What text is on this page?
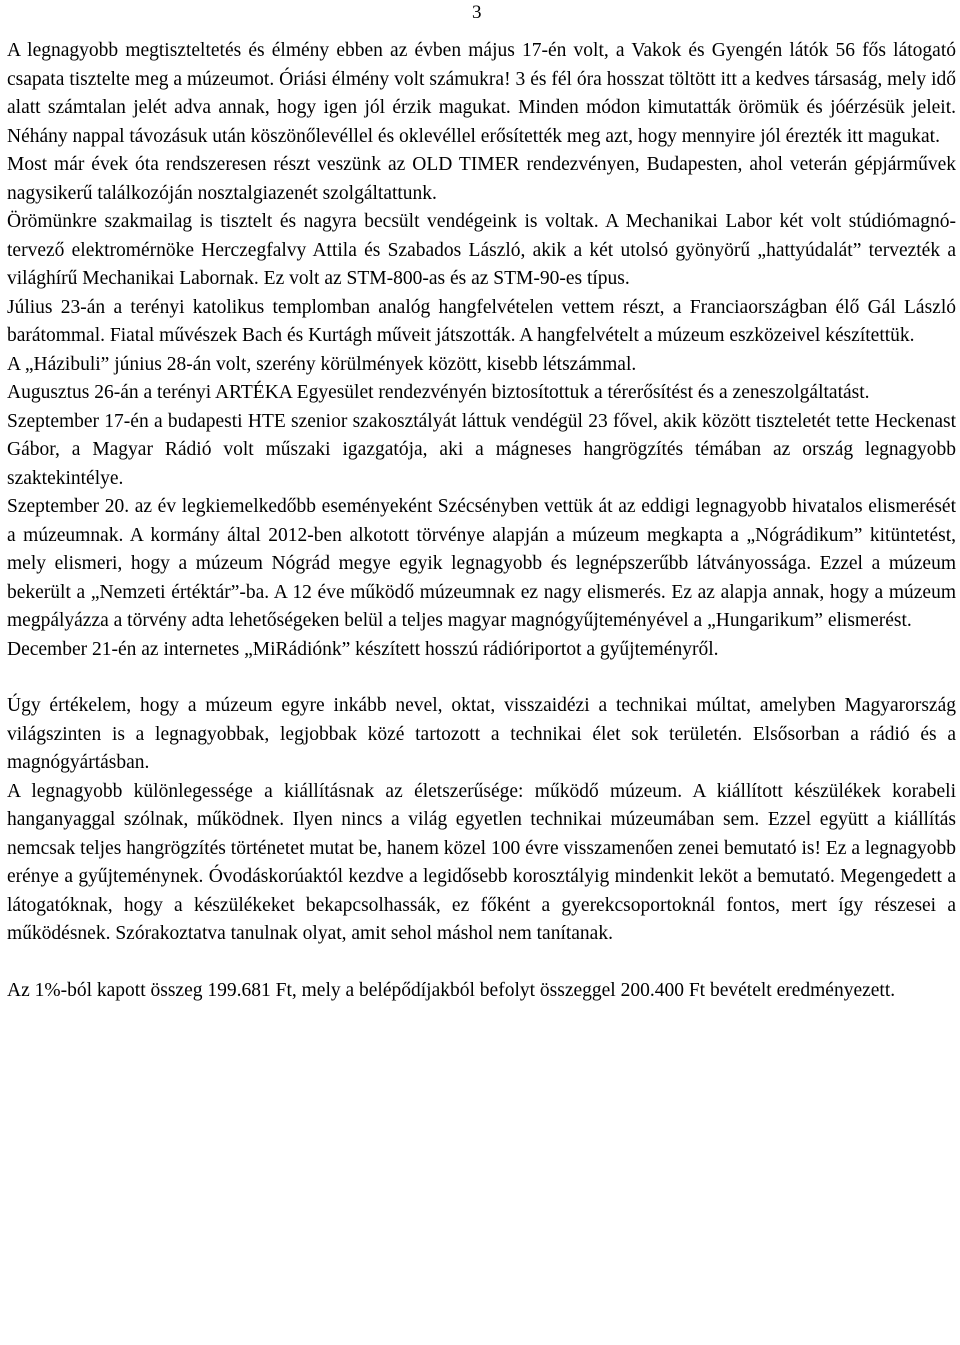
3

A legnagyobb megtiszteltetés és élmény ebben az évben május 17-én volt, a Vakok és Gyengén látók 56 fős látogató csapata tisztelte meg a múzeumot. Óriási élmény volt számukra! 3 és fél óra hosszat töltött itt a kedves társaság, mely idő alatt számtalan jelét adva annak, hogy igen jól érzik magukat. Minden módon kimutatták örömük és jóérzésük jeleit. Néhány nappal távozásuk után köszönőlevéllel és oklevéllel erősítették meg azt, hogy mennyire jól érezték itt magukat.

Most már évek óta rendszeresen részt veszünk az OLD TIMER rendezvényen, Budapesten, ahol veterán gépjárművek nagysikerű találkozóján nosztalgiazenét szolgáltattunk.

Örömünkre szakmailag is tisztelt és nagyra becsült vendégeink is voltak. A Mechanikai Labor két volt stúdiómagnó-tervező elektromérnöke Herczegfalvy Attila és Szabados László, akik a két utolsó gyönyörű „hattyúdalát” tervezték a világhírű Mechanikai Labornak. Ez volt az STM-800-as és az STM-90-es típus.

Július 23-án a terényi katolikus templomban analóg hangfelvételen vettem részt, a Franciaországban élő Gál László barátommal. Fiatal művészek Bach és Kurtágh műveit játszották. A hangfelvételt a múzeum eszközeivel készítettük.

A „Házibuli” június 28-án volt, szerény körülmények között, kisebb létszámmal.

Augusztus 26-án a terényi ARTÉKA Egyesület rendezvényén biztosítottuk a térerősítést és a zeneszolgáltatást.

Szeptember 17-én a budapesti HTE szenior szakosztályát láttuk vendégül 23 fővel, akik között tiszteletét tette Heckenast Gábor, a Magyar Rádió volt műszaki igazgatója, aki a mágneses hangrögzítés témában az ország legnagyobb szaktekintélye.

Szeptember 20. az év legkiemelkedőbb eseményeként Szécsényben vettük át az eddigi legnagyobb hivatalos elismerését a múzeumnak. A kormány által 2012-ben alkotott törvénye alapján a múzeum megkapta a „Nógrádikum” kitüntetést, mely elismeri, hogy a múzeum Nógrád megye egyik legnagyobb és legnépszerűbb látványossága. Ezzel a múzeum bekerült a „Nemzeti értéktár”-ba. A 12 éve működő múzeumnak ez nagy elismerés. Ez az alapja annak, hogy a múzeum megpályázza a törvény adta lehetőségeken belül a teljes magyar magnógyűjteményével a „Hungarikum” elismerést.

December 21-én az internetes „MiRádiónk” készített hosszú rádióriportot a gyűjteményről.

Úgy értékelem, hogy a múzeum egyre inkább nevel, oktat, visszaidézi a technikai múltat, amelyben Magyarország világszinten is a legnagyobbak, legjobbak közé tartozott a technikai élet sok területén. Elsősorban a rádió és a magnógyártásban.

A legnagyobb különlegessége a kiállításnak az életszerűsége: működő múzeum. A kiállított készülékek korabeli hanganyaggal szólnak, működnek. Ilyen nincs a világ egyetlen technikai múzeumában sem. Ezzel együtt a kiállítás nemcsak teljes hangrögzítés történetet mutat be, hanem közel 100 évre visszamenően zenei bemutató is! Ez a legnagyobb erénye a gyűjteménynek. Óvodáskorúaktól kezdve a legidősebb korosztályig mindenkit leköt a bemutató. Megengedett a látogatóknak, hogy a készülékeket bekapcsolhassák, ez főként a gyerekcsoportoknál fontos, mert így részesei a működésnek. Szórakoztatva tanulnak olyat, amit sehol máshol nem tanítanak.

Az 1%-ból kapott összeg 199.681 Ft, mely a belépődíjakból befolyt összeggel 200.400 Ft bevételt eredményezett.
